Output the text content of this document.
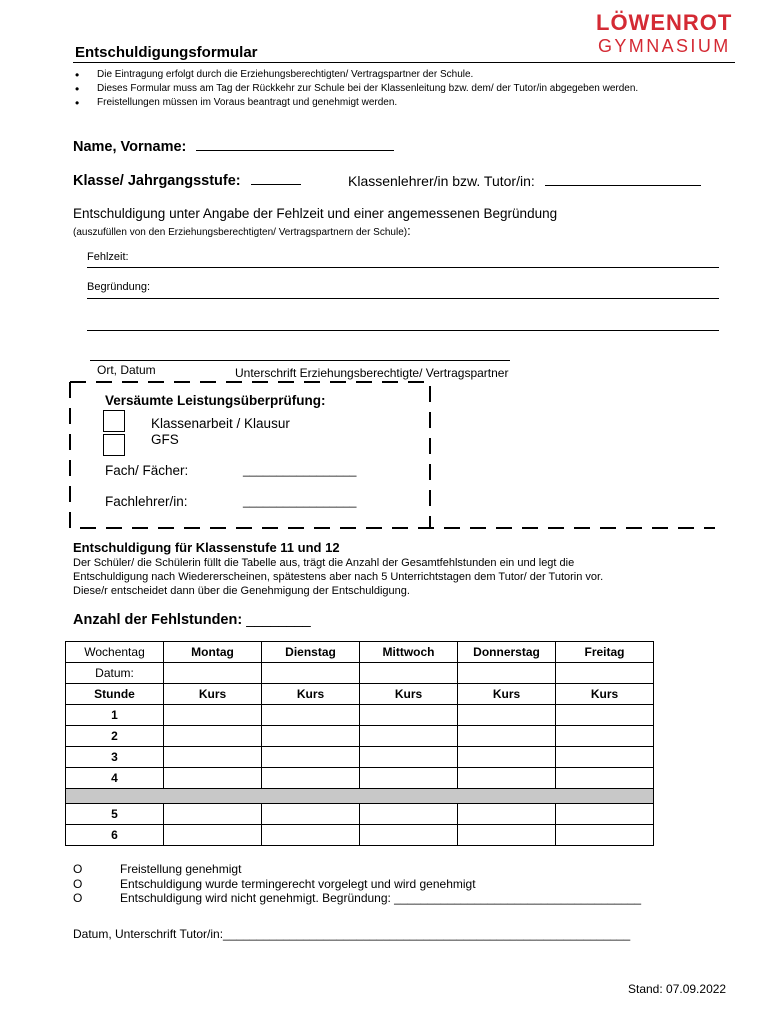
LÖWENROT
GYMNASIUM
Entschuldigungsformular
• Die Eintragung erfolgt durch die Erziehungsberechtigten/ Vertragspartner der Schule.
• Dieses Formular muss am Tag der Rückkehr zur Schule bei der Klassenleitung bzw. dem/ der Tutor/in abgegeben werden.
• Freistellungen müssen im Voraus beantragt und genehmigt werden.
Name, Vorname:
Klasse/ Jahrgangsstufe:	Klassenlehrer/in bzw. Tutor/in:
Entschuldigung unter Angabe der Fehlzeit und einer angemessenen Begründung
(auszufüllen von den Erziehungsberechtigten/ Vertragspartnern der Schule):
Fehlzeit:
Begründung:
Ort, Datum	Unterschrift Erziehungsberechtigte/ Vertragspartner
Versäumte Leistungsüberprüfung:
Klassenarbeit / Klausur
GFS
Fach/ Fächer:	_________________
Fachlehrer/in:	_________________
Entschuldigung für Klassenstufe 11 und 12
Der Schüler/ die Schülerin füllt die Tabelle aus, trägt die Anzahl der Gesamtfehlstunden ein und legt die
Entschuldigung nach Wiedererscheinen, spätestens aber nach 5 Unterrichtstagen dem Tutor/ der Tutorin vor.
Diese/r entscheidet dann über die Genehmigung der Entschuldigung.
Anzahl der Fehlstunden: ________
Wochentag	Montag	Dienstag	Mittwoch	Donnerstag	Freitag
Datum:					
Stunde	Kurs	Kurs	Kurs	Kurs	Kurs
1					
2					
3					
4					

5					
6					
O	Freistellung genehmigt
O	Entschuldigung wurde termingerecht vorgelegt und wird genehmigt
O	Entschuldigung wird nicht genehmigt. Begründung: _____________________________________
Datum, Unterschrift Tutor/in:_____________________________________________________________
Stand: 07.09.2022
